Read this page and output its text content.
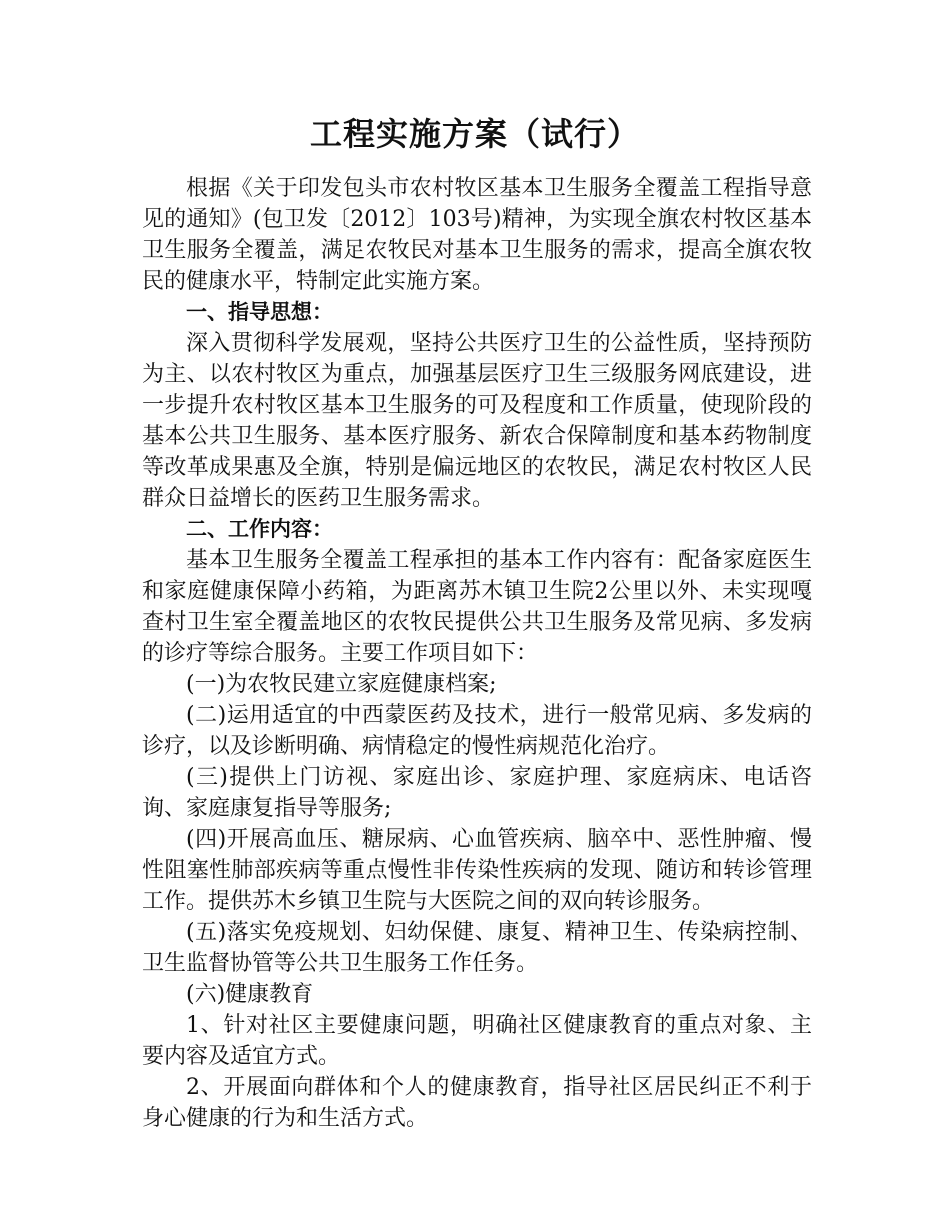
工程实施方案（试行）

根据《关于印发包头市农村牧区基本卫生服务全覆盖工程指导意见的通知》(包卫发〔2012〕103号)精神，为实现全旗农村牧区基本卫生服务全覆盖，满足农牧民对基本卫生服务的需求，提高全旗农牧民的健康水平，特制定此实施方案。

一、指导思想：

深入贯彻科学发展观，坚持公共医疗卫生的公益性质，坚持预防为主、以农村牧区为重点，加强基层医疗卫生三级服务网底建设，进一步提升农村牧区基本卫生服务的可及程度和工作质量，使现阶段的基本公共卫生服务、基本医疗服务、新农合保障制度和基本药物制度等改革成果惠及全旗，特别是偏远地区的农牧民，满足农村牧区人民群众日益增长的医药卫生服务需求。

二、工作内容：

基本卫生服务全覆盖工程承担的基本工作内容有：配备家庭医生和家庭健康保障小药箱，为距离苏木镇卫生院2公里以外、未实现嘎查村卫生室全覆盖地区的农牧民提供公共卫生服务及常见病、多发病的诊疗等综合服务。主要工作项目如下：

(一)为农牧民建立家庭健康档案;

(二)运用适宜的中西蒙医药及技术，进行一般常见病、多发病的诊疗，以及诊断明确、病情稳定的慢性病规范化治疗。

(三)提供上门访视、家庭出诊、家庭护理、家庭病床、电话咨询、家庭康复指导等服务;

(四)开展高血压、糖尿病、心血管疾病、脑卒中、恶性肿瘤、慢性阻塞性肺部疾病等重点慢性非传染性疾病的发现、随访和转诊管理工作。提供苏木乡镇卫生院与大医院之间的双向转诊服务。

(五)落实免疫规划、妇幼保健、康复、精神卫生、传染病控制、卫生监督协管等公共卫生服务工作任务。

(六)健康教育

1、针对社区主要健康问题，明确社区健康教育的重点对象、主要内容及适宜方式。

2、开展面向群体和个人的健康教育，指导社区居民纠正不利于身心健康的行为和生活方式。
